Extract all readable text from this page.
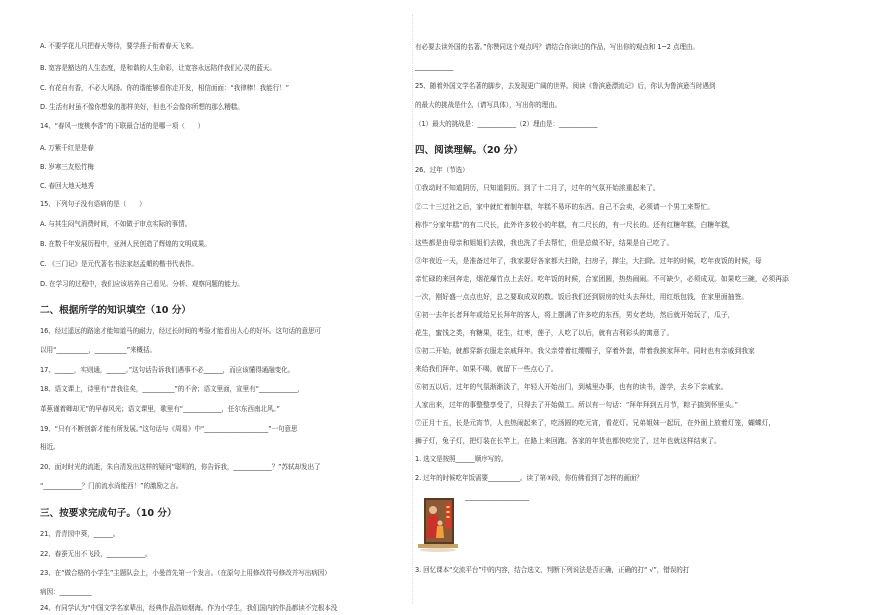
A. 不要学花儿只把春天等待，要学燕子衔着春天飞来。
B. 宽容是豁达的人生态度，是和谐的人生命彩，让宽容永远陪伴我们心灵的蓝天。
C. 有花自有香，不必大风扬。你的谐能够看你走开发，相信面面：“我律棒！我能行！”
D. 生活有时虽不像你想象的那样美好，但也不会像你所想的那么糟糕。
14、“春风一度桃李香”的下联最合适的是哪一项（　　）
A. 万紫千红是是春
B. 岁寒三友松竹梅
C. 春回大地天地秀
15、下列句子没有语病的是（　　）
A. 与其生闷气消费时间，不如做于审点实际的事情。
B. 在数千年发展历程中，亚洲人民创造了辉煌的文明成果。
C. 《三门记》是元代著名书法家赵孟頫的楷书代表作。
D. 在学习的过程中，我们应该培养自己看见、分析、观察问题的能力。
二、根据所学的知识填空（10 分）
16、经过遥远的路途才能知道马的耐力，经过长时间的考验才能看出人心的好坏。这句话的意思可
以用“__________，__________”来概括。
17、______，实则通，______。”这句话告诉我们遇事不必______，而应该懂得通融变化。
18、语文课上，诗里有“昔我往矣，__________”的不舍；语文里面，宣里有“____________，
革蕉谨着卿却无”的早春风光；语文课里，歌里有“____________，任尔东西南北风。”
19、“只有不断创新才能有所发展。”这句话与《周易》中“____________________”一句意思
相近。
20、面对时光的流逝，朱自清发出这样的疑问“聪明的，你告诉我，____________？”苏轼却发出了
“____________？门前流水尚能西！”的激励之言。
三、按要求完成句子。（10 分）
21、青青园中葵，______。
22、春蚕无出不飞段，____________。
23、在“做合格的小学生”主题队会上，小曼首先第一个发言。（在原句上用修改符号修改并写出病因）
病因：__________
24、有同学认为“中国文学名家辈出，经典作品浩如烟海。作为小学生，我们国内的作品都读不完根本没
有必要去读外国的名著。”你赞同这个观点吗？请结合你读过的作品，写出你的观点和 1~2 点理由。
____________
25、随着外国文学名著的脚步，去发现更广阔的世界。阅读《鲁滨逊漂流记》后，你认为鲁滨逊当时遇到
的最大的挑战是什么（请写具体），写出你的理由。
（1）最大的挑战是：____________（2）理由是：____________
四、阅读理解。（20 分）
26、过年（节选）
①我动时不知道阴历，只知道阴历。到了十二月了，过年的气氛开始浓重起来了。
②二十三过社之后，家中就忙着制年糕，年糕不易坏的东西。自己不会卖，必须请一个男工来帮忙。
称作“分家年糕”的有二尺长，此外许多较小的年糕，有二尺长的，有一尺长的。还有红糖年糕，白糖年糕，
这些都是由母亲和姐姐们去做，我也洗了手去帮忙，但是总做不好，结果是自己吃了。
③年夜近一天，是准备过年了，我家要好各家都大扫除，扫房子，掸尘，大扫除。过年的时候，吃年夜饭的时候，母
亲忙碌的来回奔走，烟花爆竹点上去好。吃年饭的时候，合家团圆，热热闹闹。不可缺少，必须成双。如果吃三碗，必须再添
一次，刚好盛一点点也好，总之要取成双的数。饭后我们还到厨房的灶头去拜灶，用红纸包钱，在家里面抽签。
④初一去年长者拜年或给兄长拜年的客人，将上摆满了许多吃的东西，男女老幼，然后就开始玩了，瓜子，
花生，蜜饯之类，有糖果，花生，红枣，莲子，人吃了以后，就有吉利彩头的寓意了。
⑤初二开始，就都穿新衣服走亲戚拜年。我父亲带着红缨帽子，穿着外套，带着我挨家拜年。同时也有亲戚到我家
来给我们拜年。如果不喝，就留下一些点心了。
⑥初五以后，过年的气氛渐渐淡了，年轻人开始出门，到城里办事，也有的读书，游学，去乡下亲戚家。
人家出来，过年的事整整享受了，只得去了开始做工。所以有一句话：“拜年拜到五月节，粽子揣到怀里头。”
⑦正月十五，长是元宵节，人也热闹起来了，吃汤圆的吃元宵，看花灯。兄弟姐妹一起玩，在外面上放着灯笼，蝴蝶灯，
狮子灯，兔子灯，把灯装在长竿上，在路上来回跑。各家的年货也都快吃完了，过年也就这样结束了。
1. 选文是按照______顺序写的。
2. 过年的时候吃年饭需要__________。读了第③段，你仿佛看到了怎样的画面？
____________________
3. 回忆课本“交流平台”中的内容，结合选文，判断下列说法是否正确，正确的打“ √”，错误的打
